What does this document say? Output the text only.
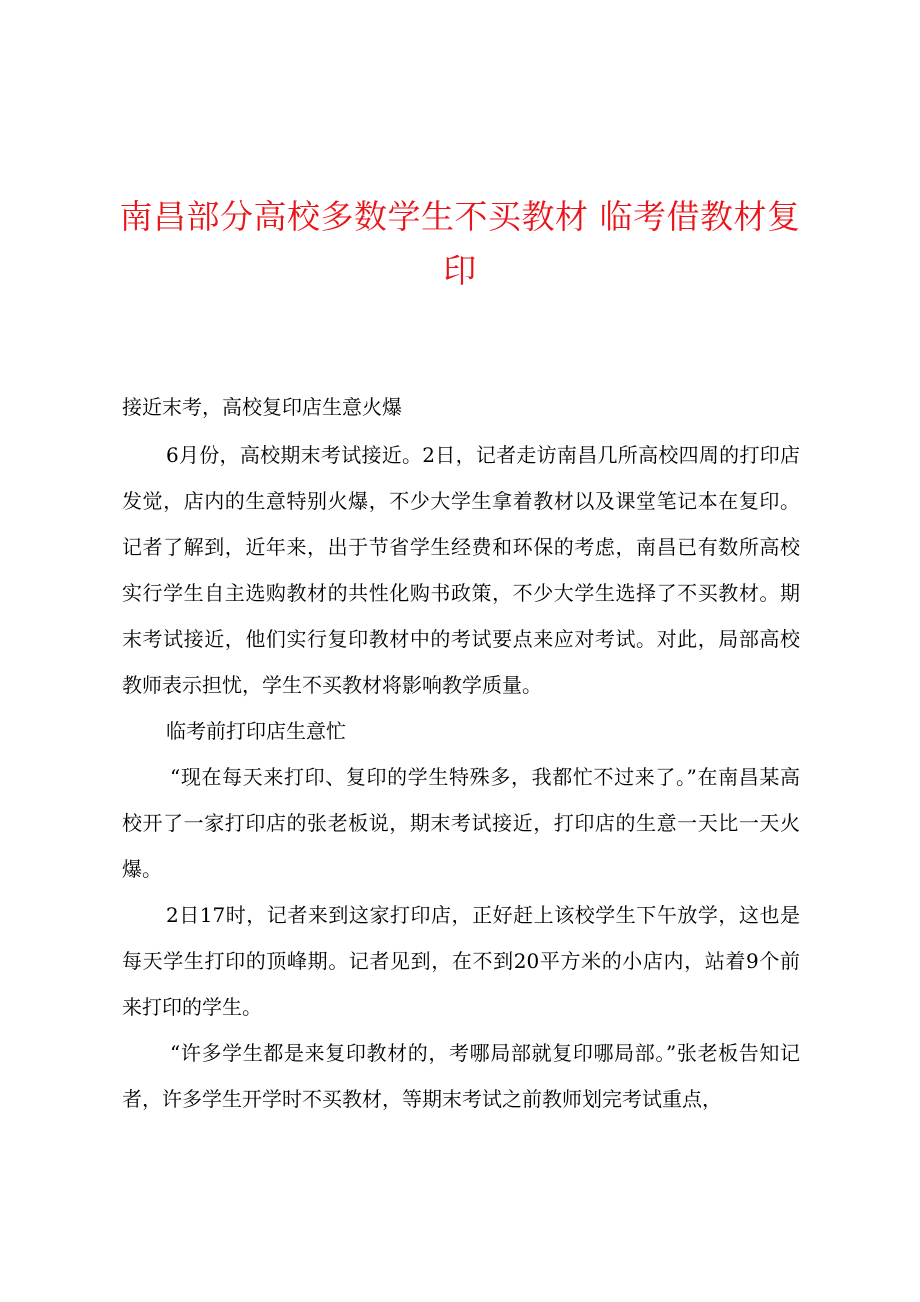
南昌部分高校多数学生不买教材 临考借教材复印

接近末考，高校复印店生意火爆

6月份，高校期末考试接近。2日，记者走访南昌几所高校四周的打印店发觉，店内的生意特别火爆，不少大学生拿着教材以及课堂笔记本在复印。记者了解到，近年来，出于节省学生经费和环保的考虑，南昌已有数所高校实行学生自主选购教材的共性化购书政策，不少大学生选择了不买教材。期末考试接近，他们实行复印教材中的考试要点来应对考试。对此，局部高校教师表示担忧，学生不买教材将影响教学质量。

临考前打印店生意忙

“现在每天来打印、复印的学生特殊多，我都忙不过来了。”在南昌某高校开了一家打印店的张老板说，期末考试接近，打印店的生意一天比一天火爆。

2日17时，记者来到这家打印店，正好赶上该校学生下午放学，这也是每天学生打印的顶峰期。记者见到，在不到20平方米的小店内，站着9个前来打印的学生。

“许多学生都是来复印教材的，考哪局部就复印哪局部。”张老板告知记者，许多学生开学时不买教材，等期末考试之前教师划完考试重点，
